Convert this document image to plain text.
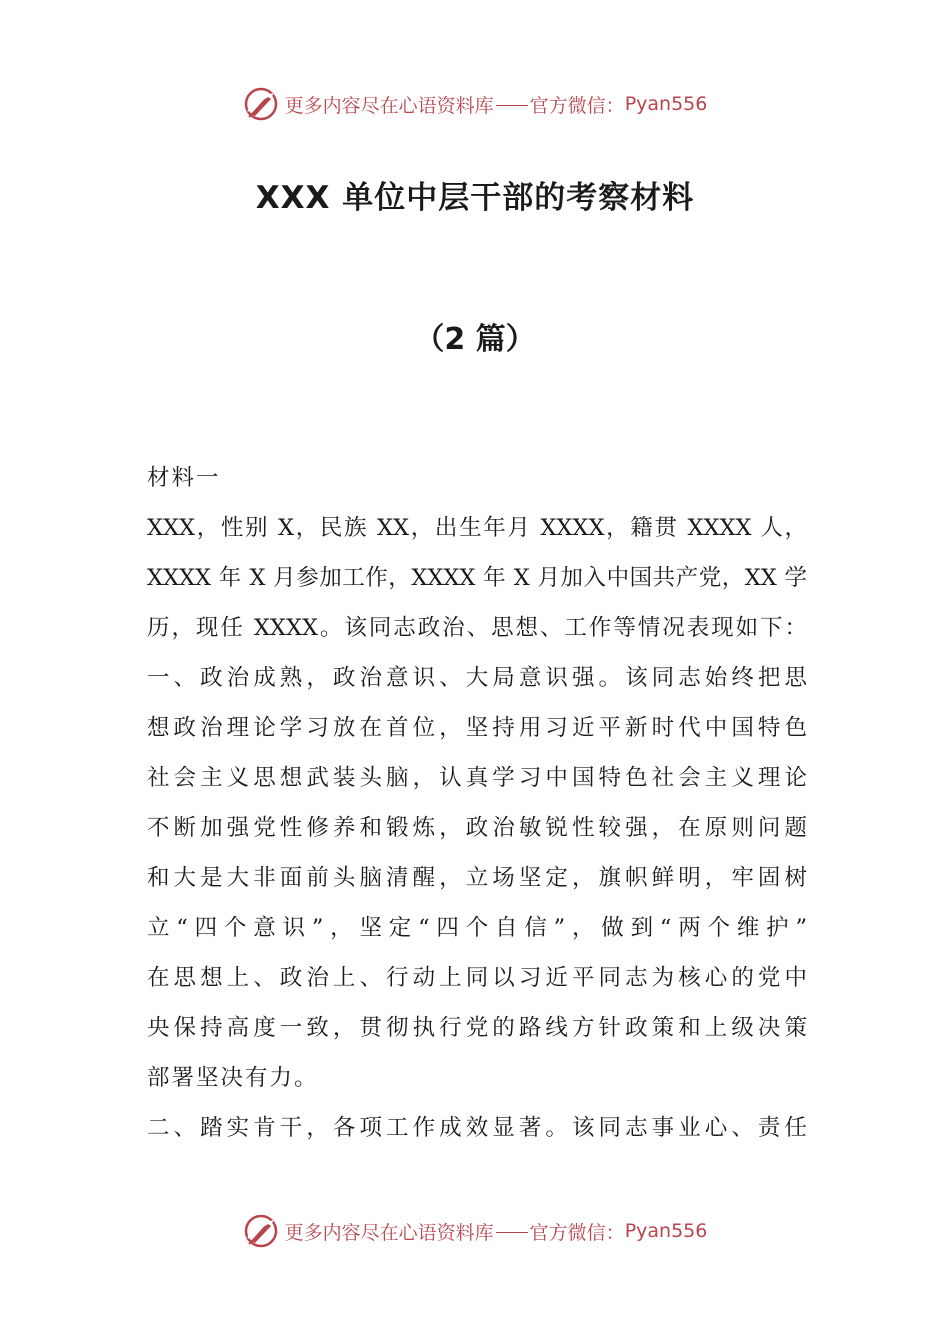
更多内容尽在心语资料库 官方微信： Pyan556
XXX 单位中层干部的考察材料
（2 篇）
材料一
XXX，性别 X，民族 XX，出生年月 XXXX，籍贯 XXXX 人，
XXXX 年 X 月参加工作，XXXX 年 X 月加入中国共产党，XX 学
历，现任 XXXX。该同志政治、思想、工作等情况表现如下：
一、政治成熟，政治意识、大局意识强。该同志始终把思
想政治理论学习放在首位，坚持用习近平新时代中国特色
社会主义思想武装头脑，认真学习中国特色社会主义理论
不断加强党性修养和锻炼，政治敏锐性较强，在原则问题
和大是大非面前头脑清醒，立场坚定，旗帜鲜明，牢固树
立“四个意识”，坚定“四个自信”，做到“两个维护”
在思想上、政治上、行动上同以习近平同志为核心的党中
央保持高度一致，贯彻执行党的路线方针政策和上级决策
部署坚决有力。
二、踏实肯干，各项工作成效显著。该同志事业心、责任
更多内容尽在心语资料库 官方微信： Pyan556
